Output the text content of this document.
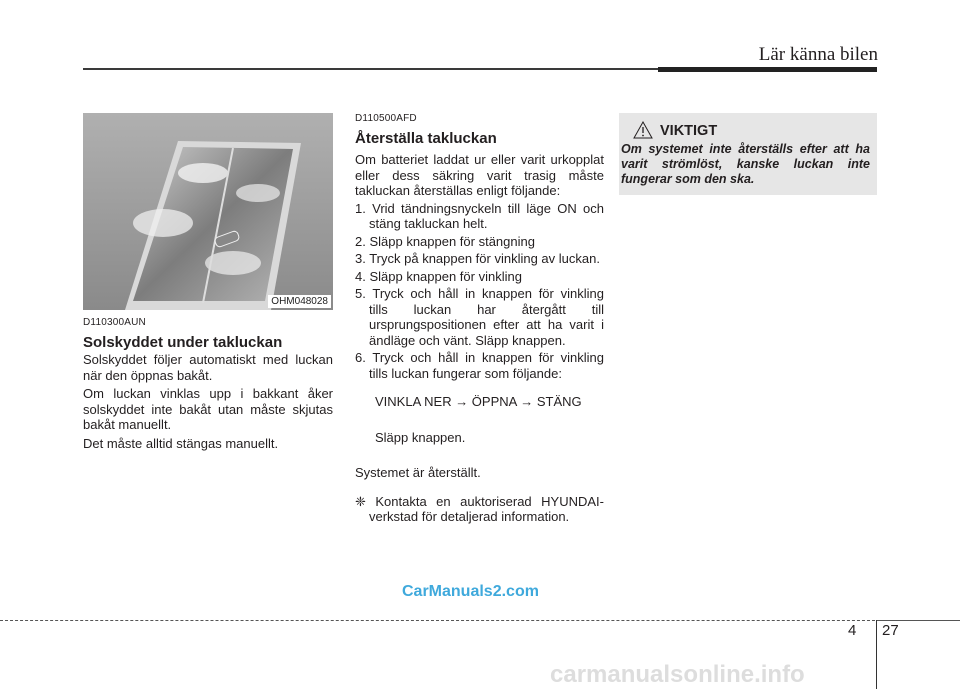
Lär känna bilen
OHM048028

D110300AUN

Solskyddet under takluckan

Solskyddet följer automatiskt med luckan när den öppnas bakåt.

Om luckan vinklas upp i bakkant åker solskyddet inte bakåt utan måste skjutas bakåt manuellt.

Det måste alltid stängas manuellt.

D110500AFD

Återställa takluckan

Om batteriet laddat ur eller varit urkopplat eller dess säkring varit trasig måste takluckan återställas enligt följande:

1. Vrid tändningsnyckeln till läge ON och stäng takluckan helt.

2. Släpp knappen för stängning

3. Tryck på knappen för vinkling av luckan.

4. Släpp knappen för vinkling

5. Tryck och håll in knappen för vinkling tills luckan har återgått till ursprungspositionen efter att ha varit i ändläge och vänt. Släpp knappen.

6. Tryck och håll in knappen för vinkling tills luckan fungerar som följande:

VINKLA NER → ÖPPNA → STÄNG

Släpp knappen.

Systemet är återställt.

❈ Kontakta en auktoriserad HYUNDAI-verkstad för detaljerad information.

VIKTIGT
Om systemet inte återställs efter att ha varit strömlöst, kanske luckan inte fungerar som den ska.
CarManuals2.com
carmanualsonline.info
4 27
